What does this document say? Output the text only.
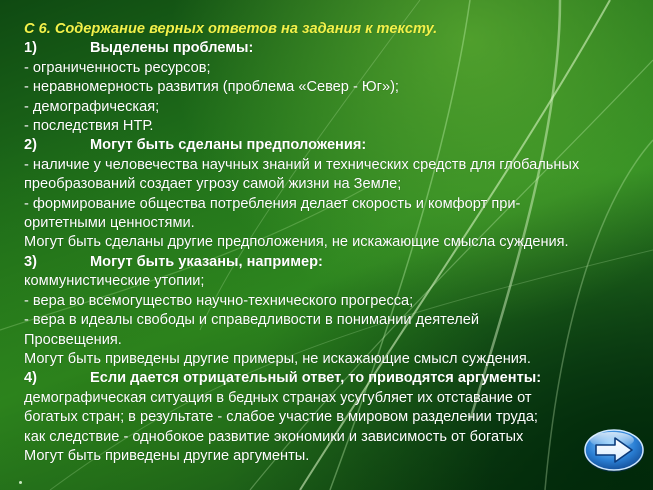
С 6. Содержание верных ответов на задания к тексту.
1)	Выделены проблемы:
- ограниченность ресурсов;
- неравномерность развития (проблема «Север - Юг»);
- демографическая;
- последствия НТР.
2)	Могут быть сделаны предположения:
- наличие у человечества научных знаний и технических средств для глобальных
преобразований создает угрозу самой жизни на Земле;
- формирование общества потребления делает скорость и комфорт при-
оритетными ценностями.
Могут быть сделаны другие предположения, не искажающие смысла суждения.
3)	Могут быть указаны, например:
коммунистические утопии;
- вера во всемогущество научно-технического прогресса;
- вера в идеалы свободы и справедливости в понимании деятелей
Просвещения.
Могут быть приведены другие примеры, не искажающие смысл суждения.
4)	Если дается отрицательный ответ, то приводятся аргументы:
демографическая ситуация в бедных странах усугубляет их отставание от
богатых стран; в результате - слабое участие в мировом разделении труда;
как следствие - однобокое развитие экономики и зависимость от богатых
Могут быть приведены другие аргументы.
